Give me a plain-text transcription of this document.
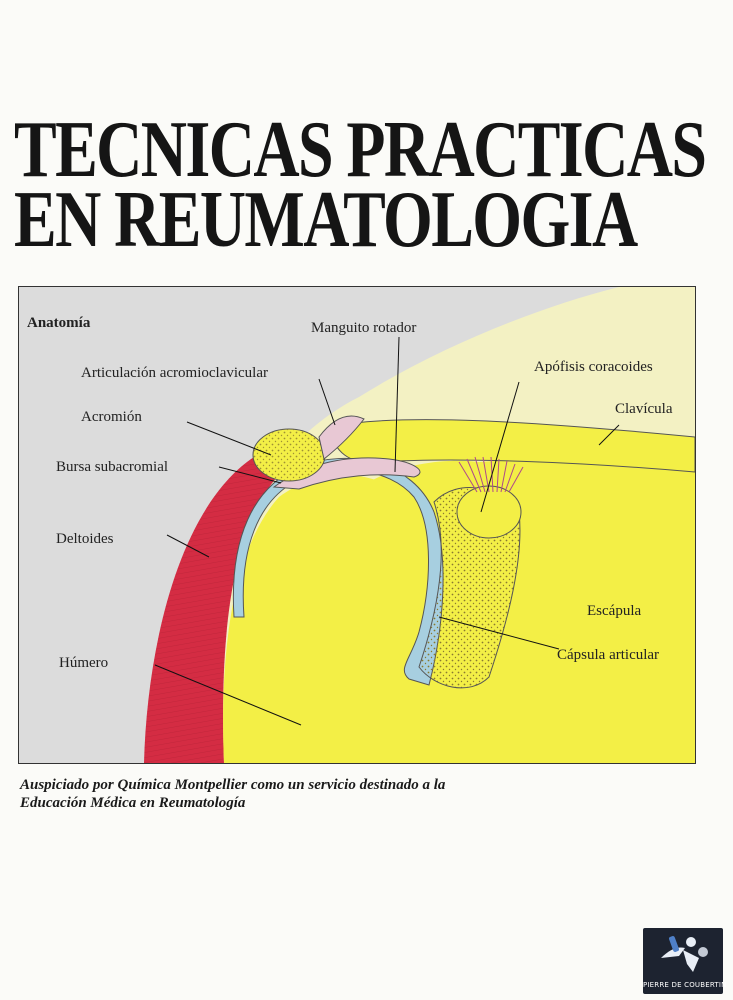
TECNICAS PRACTICAS
EN REUMATOLOGIA
Anatomía	Manguito rotador
Articulación acromioclavicular	Apófisis coracoides
Acromión	Clavícula
Bursa subacromial
Deltoides
Escápula
Cápsula articular
Húmero

Auspiciado por Química Montpellier como un servicio destinado a la
Educación Médica en Reumatología

PIERRE DE COUBERTIN
